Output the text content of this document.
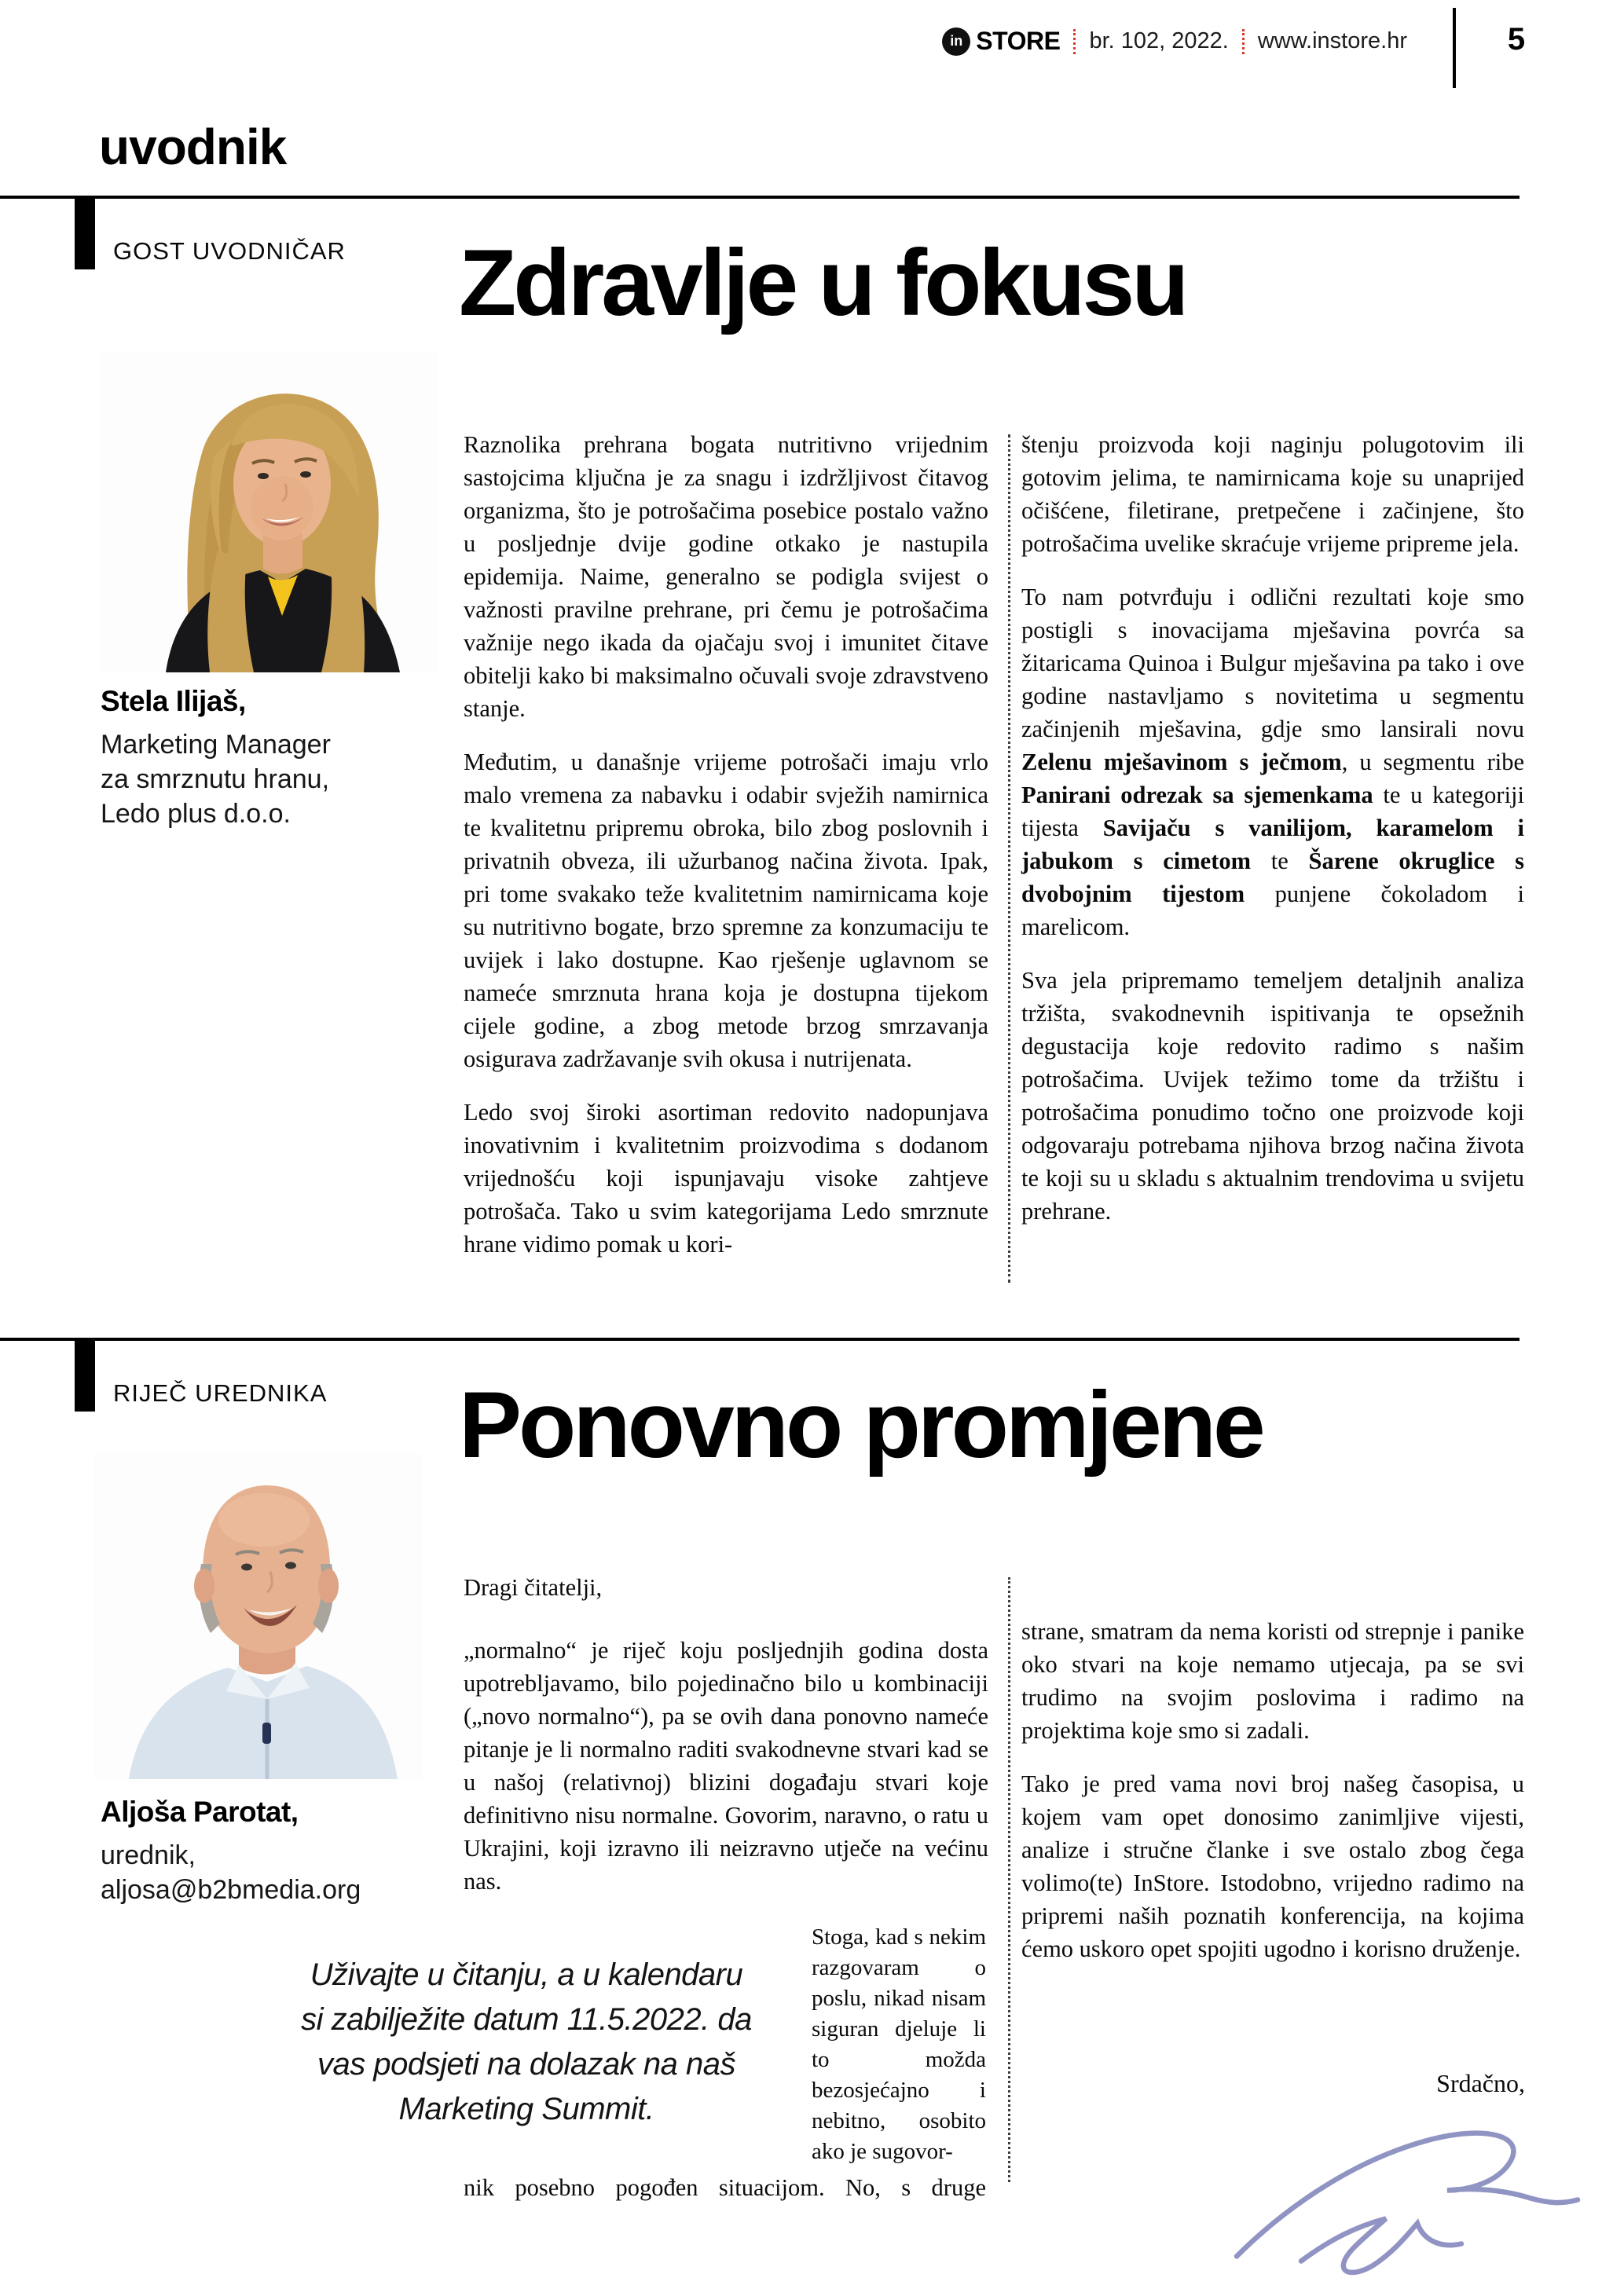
in STORE br. 102, 2022. www.instore.hr	5
uvodnik
GOST UVODNIČAR Zdravlje u fokusu
Stela Ilijaš,
Marketing Manager
za smrznutu hranu,
Ledo plus d.o.o.

Raznolika prehrana bogata nutritivno vrijednim sastojcima ključna je za snagu i izdržljivost čitavog organizma, što je potrošačima posebice postalo važno u posljednje dvije godine otkako je nastupila epidemija. Naime, generalno se podigla svijest o važnosti pravilne prehrane, pri čemu je potrošačima važnije nego ikada da ojačaju svoj i imunitet čitave obitelji kako bi maksimalno očuvali svoje zdravstveno stanje.

Međutim, u današnje vrijeme potrošači imaju vrlo malo vremena za nabavku i odabir svježih namirnica te kvalitetnu pripremu obroka, bilo zbog poslovnih i privatnih obveza, ili užurbanog načina života. Ipak, pri tome svakako teže kvalitetnim namirnicama koje su nutritivno bogate, brzo spremne za konzumaciju te uvijek i lako dostupne. Kao rješenje uglavnom se nameće smrznuta hrana koja je dostupna tijekom cijele godine, a zbog metode brzog smrzavanja osigurava zadržavanje svih okusa i nutrijenata.

Ledo svoj široki asortiman redovito nadopunjava inovativnim i kvalitetnim proizvodima s dodanom vrijednošću koji ispunjavaju visoke zahtjeve potrošača. Tako u svim kategorijama Ledo smrznute hrane vidimo pomak u kori-

štenju proizvoda koji naginju polugotovim ili gotovim jelima, te namirnicama koje su unaprijed očišćene, filetirane, pretpečene i začinjene, što potrošačima uvelike skraćuje vrijeme pripreme jela.

To nam potvrđuju i odlični rezultati koje smo postigli s inovacijama mješavina povrća sa žitaricama Quinoa i Bulgur mješavina pa tako i ove godine nastavljamo s novitetima u segmentu začinjenih mješavina, gdje smo lansirali novu Zelenu mješavinom s ječmom, u segmentu ribe Panirani odrezak sa sjemenkama te u kategoriji tijesta Savijaču s vanilijom, karamelom i jabukom s cimetom te Šarene okruglice s dvobojnim tijestom punjene čokoladom i marelicom.

Sva jela pripremamo temeljem detaljnih analiza tržišta, svakodnevnih ispitivanja te opsežnih degustacija koje redovito radimo s našim potrošačima. Uvijek težimo tome da tržištu i potrošačima ponudimo točno one proizvode koji odgovaraju potrebama njihova brzog načina života te koji su u skladu s aktualnim trendovima u svijetu prehrane.

RIJEČ UREDNIKA Ponovno promjene
Aljoša Parotat,
urednik,
aljosa@b2bmedia.org

Dragi čitatelji,

„normalno“ je riječ koju posljednjih godina dosta upotrebljavamo, bilo pojedinačno bilo u kombinaciji („novo normalno“), pa se ovih dana ponovno nameće pitanje je li normalno raditi svakodnevne stvari kad se u našoj (relativnoj) blizini događaju stvari koje definitivno nisu normalne. Govorim, naravno, o ratu u Ukrajini, koji izravno ili neizravno utječe na većinu nas.

strane, smatram da nema koristi od strepnje i panike oko stvari na koje nemamo utjecaja, pa se svi trudimo na svojim poslovima i radimo na projektima koje smo si zadali.

Tako je pred vama novi broj našeg časopisa, u kojem vam opet donosimo zanimljive vijesti, analize i stručne članke i sve ostalo zbog čega volimo(te) InStore. Istodobno, vrijedno radimo na pripremi naših poznatih konferencija, na kojima ćemo uskoro opet spojiti ugodno i korisno druženje.

Uživajte u čitanju, a u kalendaru
si zabilježite datum 11.5.2022. da
vas podsjeti na dolazak na naš
Marketing Summit.
Stoga, kad s nekim razgovaram o poslu, nikad nisam siguran djeluje li to možda bezosjećajno i nebitno, osobito ako je sugovor-
nik posebno pogođen situacijom. No, s druge
Srdačno,
